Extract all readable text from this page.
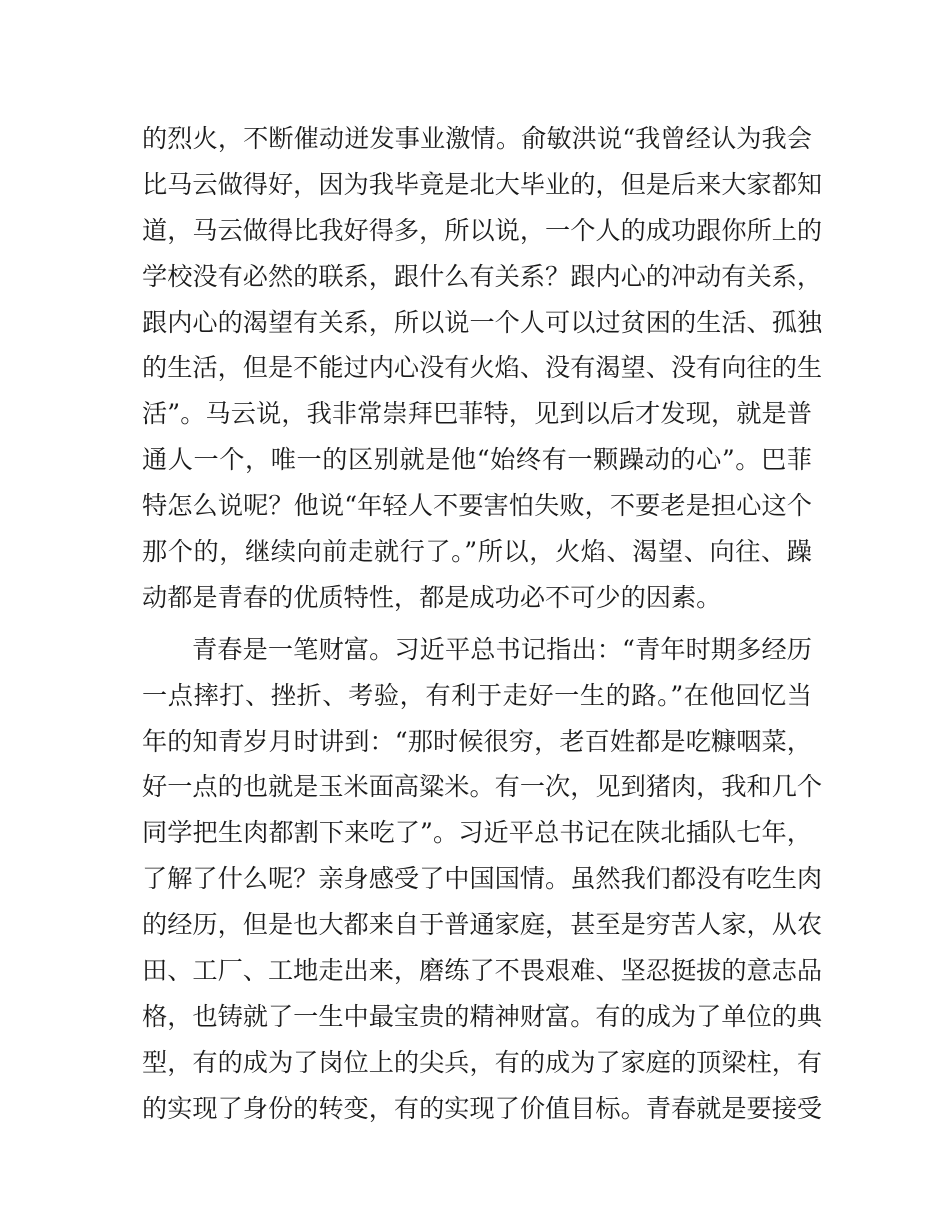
的烈火，不断催动迸发事业激情。俞敏洪说“我曾经认为我会
比马云做得好，因为我毕竟是北大毕业的，但是后来大家都知
道，马云做得比我好得多，所以说，一个人的成功跟你所上的
学校没有必然的联系，跟什么有关系？跟内心的冲动有关系，
跟内心的渴望有关系，所以说一个人可以过贫困的生活、孤独
的生活，但是不能过内心没有火焰、没有渴望、没有向往的生
活”。马云说，我非常崇拜巴菲特，见到以后才发现，就是普
通人一个，唯一的区别就是他“始终有一颗躁动的心”。巴菲
特怎么说呢？他说“年轻人不要害怕失败，不要老是担心这个
那个的，继续向前走就行了。”所以，火焰、渴望、向往、躁
动都是青春的优质特性，都是成功必不可少的因素。
青春是一笔财富。习近平总书记指出：“青年时期多经历
一点摔打、挫折、考验，有利于走好一生的路。”在他回忆当
年的知青岁月时讲到：“那时候很穷，老百姓都是吃糠咽菜，
好一点的也就是玉米面高粱米。有一次，见到猪肉，我和几个
同学把生肉都割下来吃了”。习近平总书记在陕北插队七年，
了解了什么呢？亲身感受了中国国情。虽然我们都没有吃生肉
的经历，但是也大都来自于普通家庭，甚至是穷苦人家，从农
田、工厂、工地走出来，磨练了不畏艰难、坚忍挺拔的意志品
格，也铸就了一生中最宝贵的精神财富。有的成为了单位的典
型，有的成为了岗位上的尖兵，有的成为了家庭的顶梁柱，有
的实现了身份的转变，有的实现了价值目标。青春就是要接受
